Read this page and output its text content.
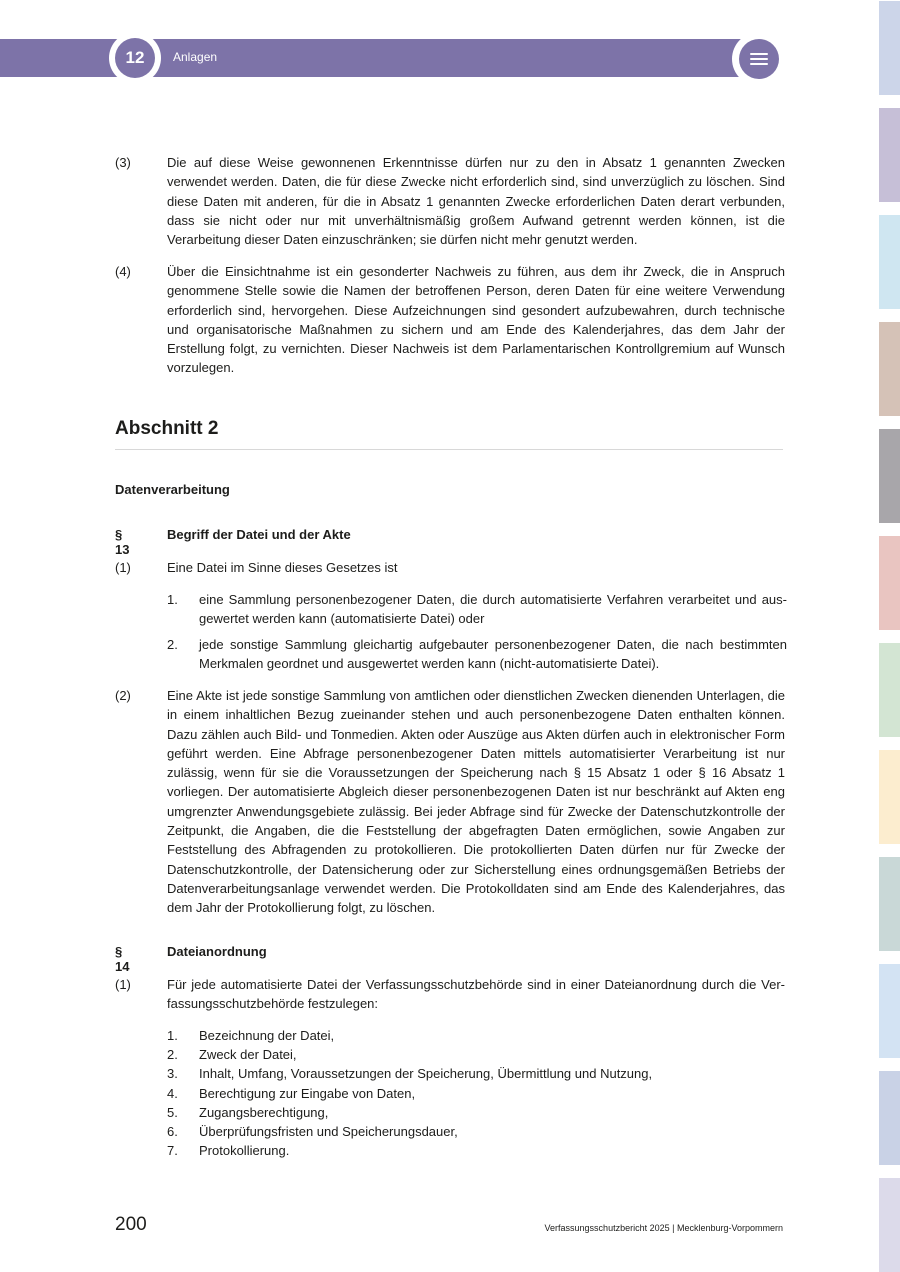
12	Anlagen
(3)	Die auf diese Weise gewonnenen Erkenntnisse dürfen nur zu den in Absatz 1 genannten Zwecken verwendet werden. Daten, die für diese Zwecke nicht erforderlich sind, sind unverzüglich zu löschen. Sind diese Daten mit anderen, für die in Absatz 1 genannten Zwecke erforderlichen Daten derart verbunden, dass sie nicht oder nur mit unverhältnismäßig großem Aufwand getrennt werden können, ist die Verarbeitung dieser Daten einzuschränken; sie dürfen nicht mehr genutzt werden.
(4)	Über die Einsichtnahme ist ein gesonderter Nachweis zu führen, aus dem ihr Zweck, die in Anspruch genommene Stelle sowie die Namen der betroffenen Person, deren Daten für eine weitere Verwendung erforderlich sind, hervorgehen. Diese Aufzeichnungen sind gesondert aufzubewahren, durch technische und organisatorische Maßnahmen zu sichern und am Ende des Kalenderjahres, das dem Jahr der Erstellung folgt, zu vernichten. Dieser Nachweis ist dem Parlamentarischen Kontrollgremium auf Wunsch vorzulegen.
Abschnitt 2
Datenverarbeitung
§ 13
Begriff der Datei und der Akte
(1)	Eine Datei im Sinne dieses Gesetzes ist
1. eine Sammlung personenbezogener Daten, die durch automatisierte Verfahren verarbeitet und ausgewertet werden kann (automatisierte Datei) oder
2. jede sonstige Sammlung gleichartig aufgebauter personenbezogener Daten, die nach bestimmten Merkmalen geordnet und ausgewertet werden kann (nicht-automatisierte Datei).
(2)	Eine Akte ist jede sonstige Sammlung von amtlichen oder dienstlichen Zwecken dienenden Unterlagen, die in einem inhaltlichen Bezug zueinander stehen und auch personenbezogene Daten enthalten können. Dazu zählen auch Bild- und Tonmedien. Akten oder Auszüge aus Akten dürfen auch in elektronischer Form geführt werden. Eine Abfrage personenbezogener Daten mittels automatisierter Verarbeitung ist nur zulässig, wenn für sie die Voraussetzungen der Speicherung nach § 15 Absatz 1 oder § 16 Absatz 1 vorliegen. Der automatisierte Abgleich dieser personenbezogenen Daten ist nur beschränkt auf Akten eng umgrenzter Anwendungsgebiete zulässig. Bei jeder Abfrage sind für Zwecke der Datenschutzkontrolle der Zeitpunkt, die Angaben, die die Feststellung der abgefragten Daten ermöglichen, sowie Angaben zur Feststellung des Abfragenden zu protokollieren. Die protokollierten Daten dürfen nur für Zwecke der Datenschutzkontrolle, der Datensicherung oder zur Sicherstellung eines ordnungsgemäßen Betriebs der Datenverarbeitungsanlage verwendet werden. Die Protokolldaten sind am Ende des Kalenderjahres, das dem Jahr der Protokollierung folgt, zu löschen.
§ 14
Dateianordnung
(1)	Für jede automatisierte Datei der Verfassungsschutzbehörde sind in einer Dateianordnung durch die Verfassungsschutzbehörde festzulegen:
1. Bezeichnung der Datei,
2. Zweck der Datei,
3. Inhalt, Umfang, Voraussetzungen der Speicherung, Übermittlung und Nutzung,
4. Berechtigung zur Eingabe von Daten,
5. Zugangsberechtigung,
6. Überprüfungsfristen und Speicherungsdauer,
7. Protokollierung.
200	Verfassungsschutzbericht 2025 | Mecklenburg-Vorpommern
